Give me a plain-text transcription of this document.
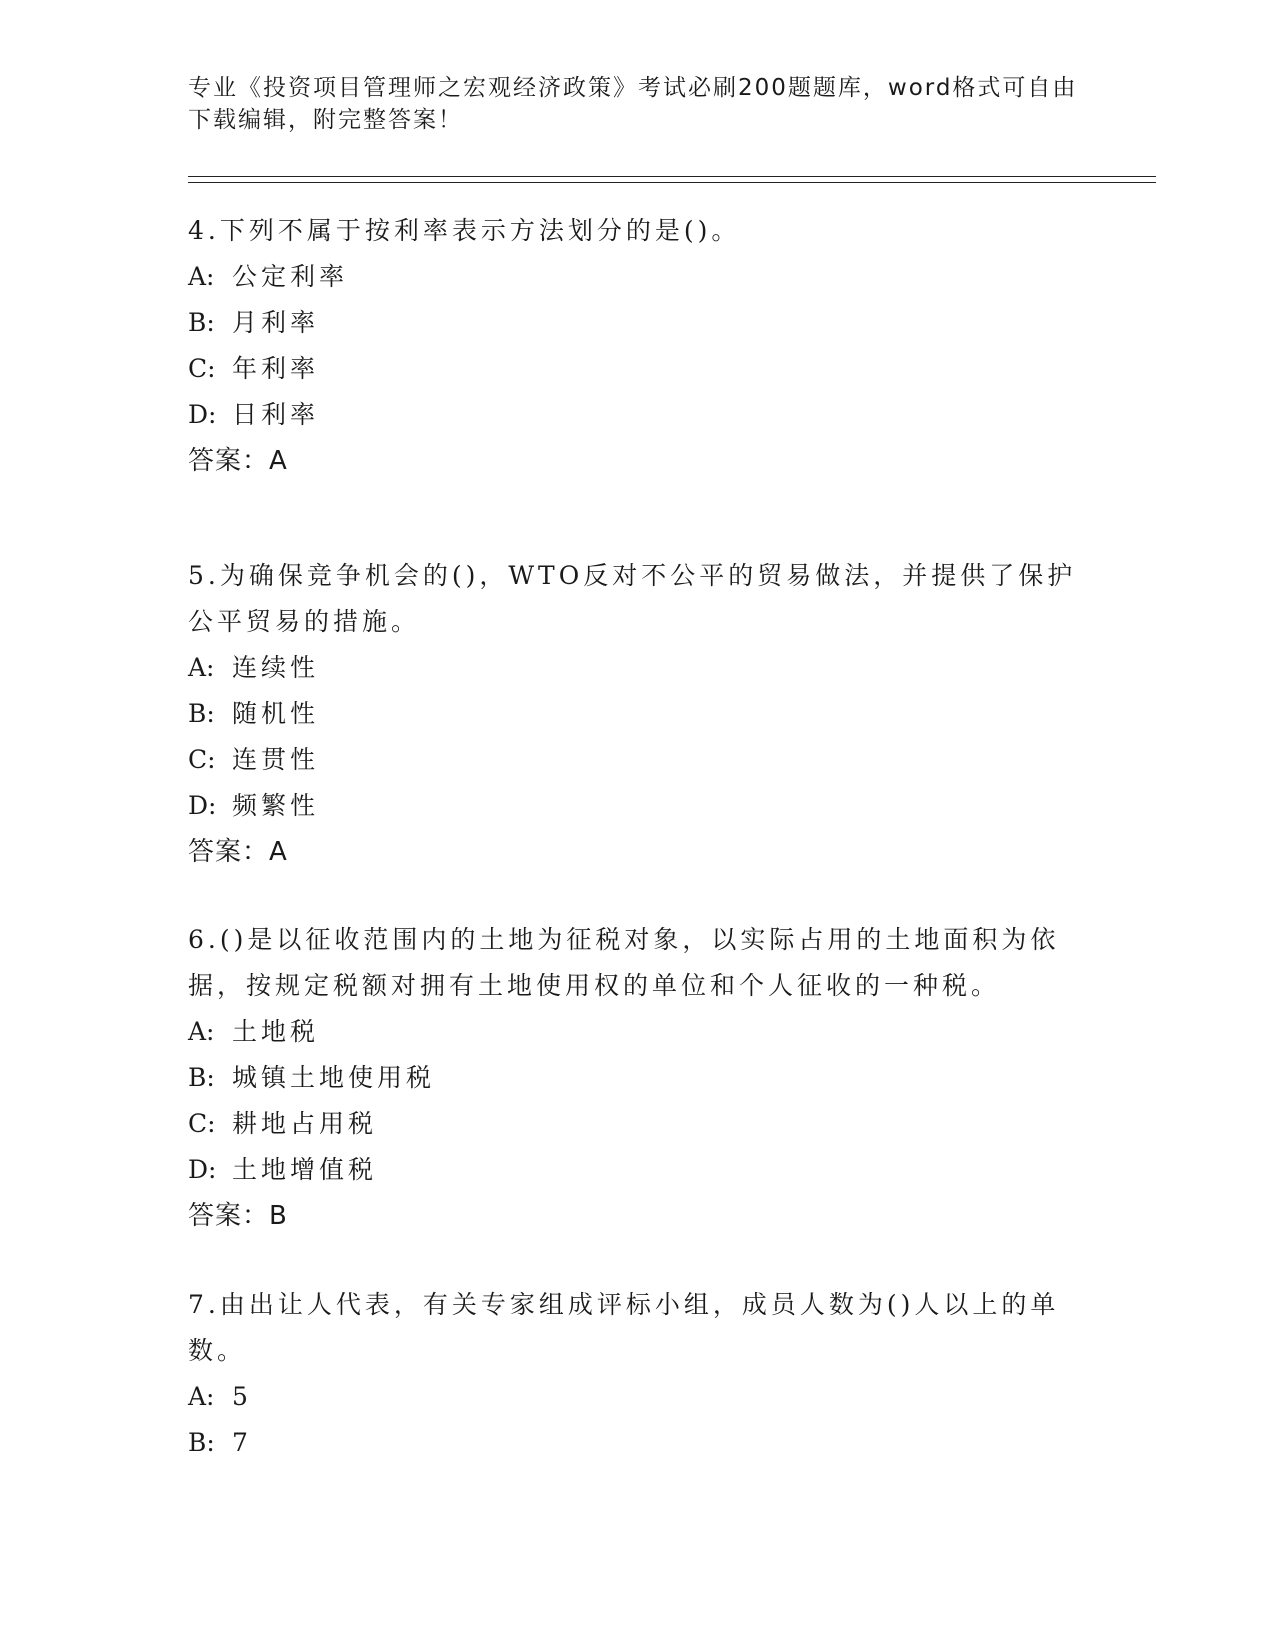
专业《投资项目管理师之宏观经济政策》考试必刷200题题库，word格式可自由下载编辑，附完整答案！

4.下列不属于按利率表示方法划分的是()。

A: 公定利率
B: 月利率
C: 年利率
D: 日利率
答案：A

5.为确保竞争机会的()，WTO反对不公平的贸易做法，并提供了保护公平贸易的措施。

A: 连续性
B: 随机性
C: 连贯性
D: 频繁性
答案：A

6.()是以征收范围内的土地为征税对象，以实际占用的土地面积为依据，按规定税额对拥有土地使用权的单位和个人征收的一种税。

A: 土地税
B: 城镇土地使用税
C: 耕地占用税
D: 土地增值税
答案：B

7.由出让人代表，有关专家组成评标小组，成员人数为()人以上的单数。

A: 5
B: 7
